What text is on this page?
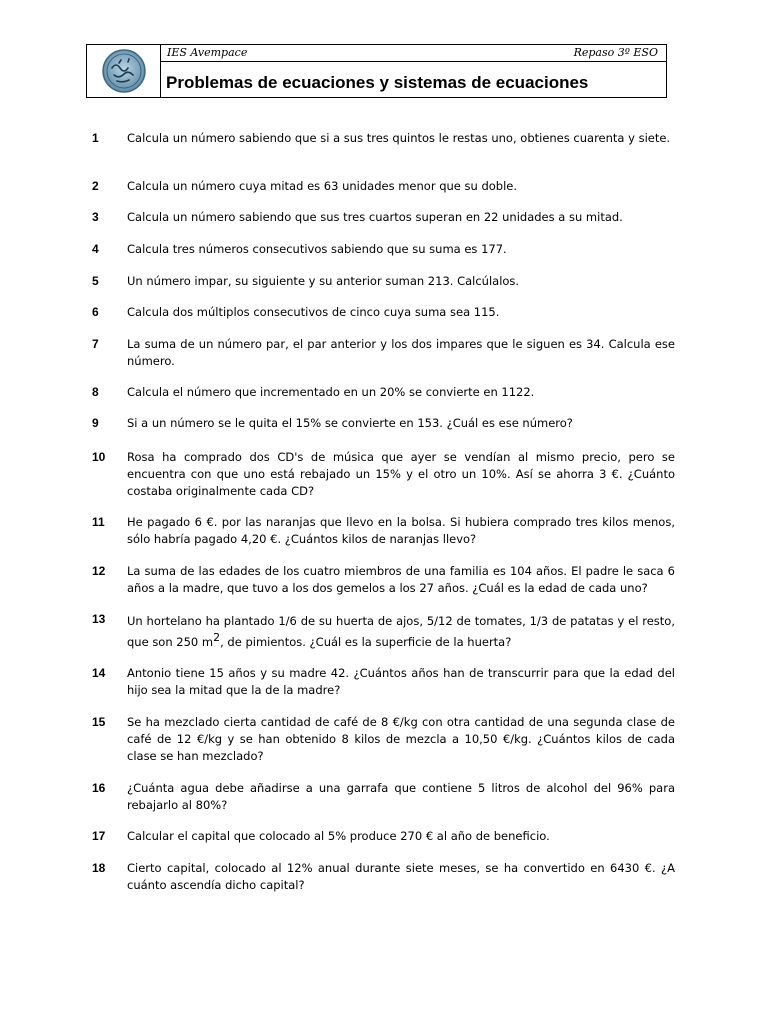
IES Avempace	Repaso 3º ESO
Problemas de ecuaciones y sistemas de ecuaciones
1 Calcula un número sabiendo que si a sus tres quintos le restas uno, obtienes cuarenta y siete.
2 Calcula un número cuya mitad es 63 unidades menor que su doble.
3 Calcula un número sabiendo que sus tres cuartos superan en 22 unidades a su mitad.
4 Calcula tres números consecutivos sabiendo que su suma es 177.
5 Un número impar, su siguiente y su anterior suman 213. Calcúlalos.
6 Calcula dos múltiplos consecutivos de cinco cuya suma sea 115.
7 La suma de un número par, el par anterior y los dos impares que le siguen es 34. Calcula ese número.
8 Calcula el número que incrementado en un 20% se convierte en 1122.
9 Si a un número se le quita el 15% se convierte en 153. ¿Cuál es ese número?
10 Rosa ha comprado dos CD's de música que ayer se vendían al mismo precio, pero se encuentra con que uno está rebajado un 15% y el otro un 10%. Así se ahorra 3 €. ¿Cuánto costaba originalmente cada CD?
11 He pagado 6 €. por las naranjas que llevo en la bolsa. Si hubiera comprado tres kilos menos, sólo habría pagado 4,20 €. ¿Cuántos kilos de naranjas llevo?
12 La suma de las edades de los cuatro miembros de una familia es 104 años. El padre le saca 6 años a la madre, que tuvo a los dos gemelos a los 27 años. ¿Cuál es la edad de cada uno?
13 Un hortelano ha plantado 1/6 de su huerta de ajos, 5/12 de tomates, 1/3 de patatas y el resto, que son 250 $m^2$, de pimientos. ¿Cuál es la superficie de la huerta?
14 Antonio tiene 15 años y su madre 42. ¿Cuántos años han de transcurrir para que la edad del hijo sea la mitad que la de la madre?
15 Se ha mezclado cierta cantidad de café de 8 €/kg con otra cantidad de una segunda clase de café de 12 €/kg y se han obtenido 8 kilos de mezcla a 10,50 €/kg. ¿Cuántos kilos de cada clase se han mezclado?
16 ¿Cuánta agua debe añadirse a una garrafa que contiene 5 litros de alcohol del 96% para rebajarlo al 80%?
17 Calcular el capital que colocado al 5% produce 270 € al año de beneficio.
18 Cierto capital, colocado al 12% anual durante siete meses, se ha convertido en 6430 €. ¿A cuánto ascendía dicho capital?
